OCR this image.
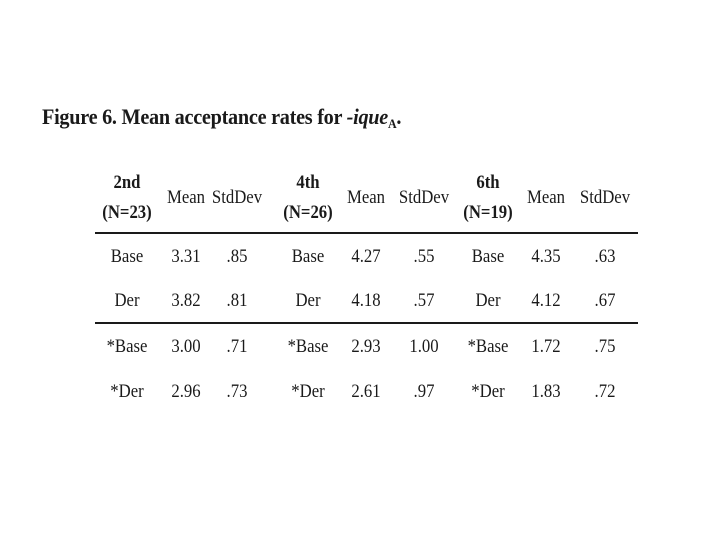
Figure 6. Mean acceptance rates for -ique$_A$.
2nd
(N=23)
Mean StdDev
Base 3.31 .85
Der 3.82 .81
*Base 3.00 .71
*Der 2.96 .73
4th
(N=26)
Mean StdDev
Base 4.27 .55
Der 4.18 .57
*Base 2.93 1.00
*Der 2.61 .97
6th
(N=19)
Mean StdDev
Base 4.35 .63
Der 4.12 .67
*Base 1.72 .75
*Der 1.83 .72
